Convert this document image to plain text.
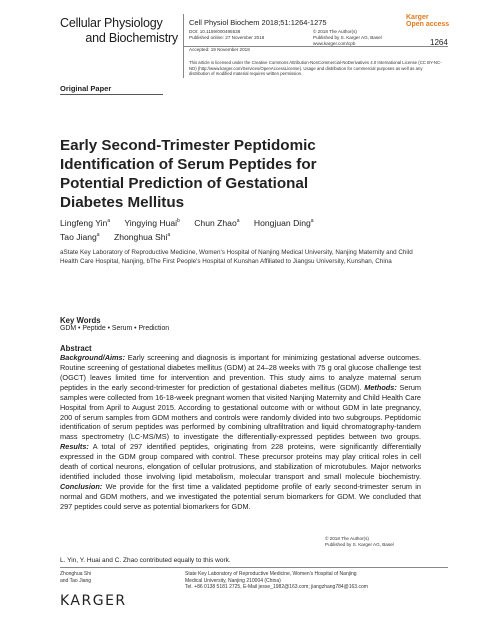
Cellular Physiology
and Biochemistry
Cell Physiol Biochem 2018;51:1264-1275
DOI: 10.1159/000495538
Published online: 27 November 2018
Accepted: 19 November 2018
© 2018 The Author(s)
Published by S. Karger AG, Basel
www.karger.com/cpb
This article is licensed under the Creative Commons Attribution-NonCommercial-NoDerivatives 4.0 International License (CC BY-NC-ND) (http://www.karger.com/Services/OpenAccessLicense). Usage and distribution for commercial purposes as well as any distribution of modified material requires written permission.
Karger
Open access
1264
Original Paper
Early Second-Trimester Peptidomic
Identification of Serum Peptides for
Potential Prediction of Gestational
Diabetes Mellitus
Lingfeng Yin$^a$ Yingying Huai$^b$ Chun Zhao$^a$ Hongjuan Ding$^a$
Tao Jiang$^a$ Zhonghua Shi$^a$
aState Key Laboratory of Reproductive Medicine, Women's Hospital of Nanjing Medical University, Nanjing Maternity and Child Health Care Hospital, Nanjing, bThe First People's Hospital of Kunshan Affiliated to Jiangsu University, Kunshan, China
Key Words
GDM • Peptide • Serum • Prediction
Abstract
Background/Aims: Early screening and diagnosis is important for minimizing gestational adverse outcomes. Routine screening of gestational diabetes mellitus (GDM) at 24–28 weeks with 75 g oral glucose challenge test (OGCT) leaves limited time for intervention and prevention. This study aims to analyze maternal serum peptides in the early second-trimester for prediction of gestational diabetes mellitus (GDM). Methods: Serum samples were collected from 16-18-week pregnant women that visited Nanjing Maternity and Child Health Care Hospital from April to August 2015. According to gestational outcome with or without GDM in late pregnancy, 200 of serum samples from GDM mothers and controls were randomly divided into two subgroups. Peptidomic identification of serum peptides was performed by combining ultrafiltration and liquid chromatography-tandem mass spectrometry (LC-MS/MS) to investigate the differentially-expressed peptides between two groups. Results: A total of 297 identified peptides, originating from 228 proteins, were significantly differentially expressed in the GDM group compared with control. These precursor proteins may play critical roles in cell death of cortical neurons, elongation of cellular protrusions, and stabilization of microtubules. Major networks identified included those involving lipid metabolism, molecular transport and small molecule biochemistry. Conclusion: We provide for the first time a validated peptidome profile of early second-trimester serum in normal and GDM mothers, and we investigated the potential serum biomarkers for GDM. We concluded that 297 peptides could serve as potential biomarkers for GDM.
© 2018 The Author(s)
Published by S. Karger AG, Basel
L. Yin, Y. Huai and C. Zhao contributed equally to this work.
Zhonghua Shi
and Tao Jiang
State Key Laboratory of Reproductive Medicine, Women's Hospital of Nanjing
Medical University, Nanjing 210004 (China)
Tel. +86 0138 5181 2725, E-Mail jesse_1982@163.com; jiangzhang784@163.com
KARGER
